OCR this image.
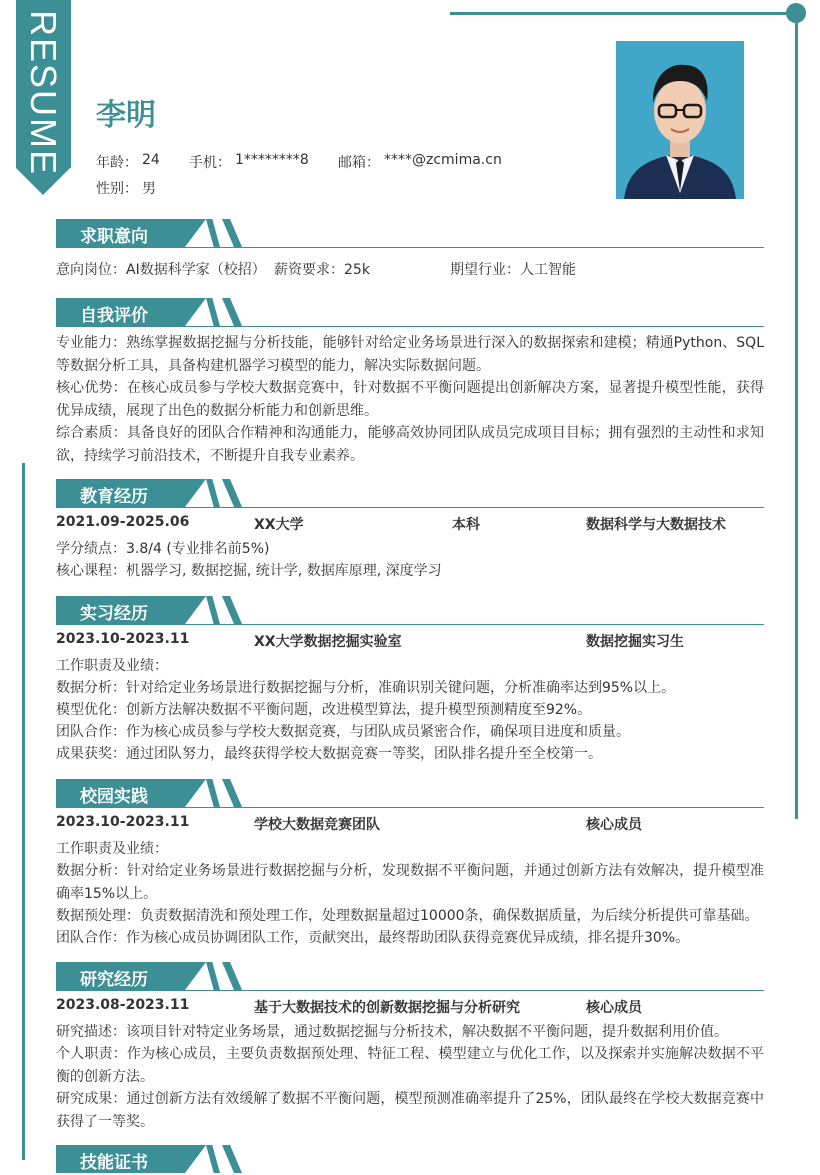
RESUME 李明
年龄： 24 手机： 1********8 邮箱： ****@zcmima.cn
性别： 男
求职意向
意向岗位：AI数据科学家（校招） 薪资要求：25k	期望行业：人工智能
自我评价
专业能力：熟练掌握数据挖掘与分析技能，能够针对给定业务场景进行深入的数据探索和建模；精通Python、SQL等数据分析工具，具备构建机器学习模型的能力，解决实际数据问题。
核心优势：在核心成员参与学校大数据竞赛中，针对数据不平衡问题提出创新解决方案，显著提升模型性能，获得优异成绩，展现了出色的数据分析能力和创新思维。
综合素质：具备良好的团队合作精神和沟通能力，能够高效协同团队成员完成项目目标；拥有强烈的主动性和求知欲，持续学习前沿技术，不断提升自我专业素养。
教育经历
2021.09-2025.06	XX大学	本科	数据科学与大数据技术
学分绩点：3.8/4 (专业排名前5%)
核心课程：机器学习, 数据挖掘, 统计学, 数据库原理, 深度学习
实习经历
2023.10-2023.11	XX大学数据挖掘实验室	数据挖掘实习生
工作职责及业绩：
数据分析：针对给定业务场景进行数据挖掘与分析，准确识别关键问题，分析准确率达到95%以上。
模型优化：创新方法解决数据不平衡问题，改进模型算法，提升模型预测精度至92%。
团队合作：作为核心成员参与学校大数据竞赛，与团队成员紧密合作，确保项目进度和质量。
成果获奖：通过团队努力，最终获得学校大数据竞赛一等奖，团队排名提升至全校第一。
校园实践
2023.10-2023.11	学校大数据竞赛团队	核心成员
工作职责及业绩：
数据分析：针对给定业务场景进行数据挖掘与分析，发现数据不平衡问题，并通过创新方法有效解决，提升模型准确率15%以上。
数据预处理：负责数据清洗和预处理工作，处理数据量超过10000条，确保数据质量，为后续分析提供可靠基础。
团队合作：作为核心成员协调团队工作，贡献突出，最终帮助团队获得竞赛优异成绩，排名提升30%。
研究经历
2023.08-2023.11	基于大数据技术的创新数据挖掘与分析研究	核心成员
研究描述：该项目针对特定业务场景，通过数据挖掘与分析技术，解决数据不平衡问题，提升数据利用价值。
个人职责：作为核心成员，主要负责数据预处理、特征工程、模型建立与优化工作，以及探索并实施解决数据不平衡的创新方法。
研究成果：通过创新方法有效缓解了数据不平衡问题，模型预测准确率提升了25%，团队最终在学校大数据竞赛中获得了一等奖。
技能证书
